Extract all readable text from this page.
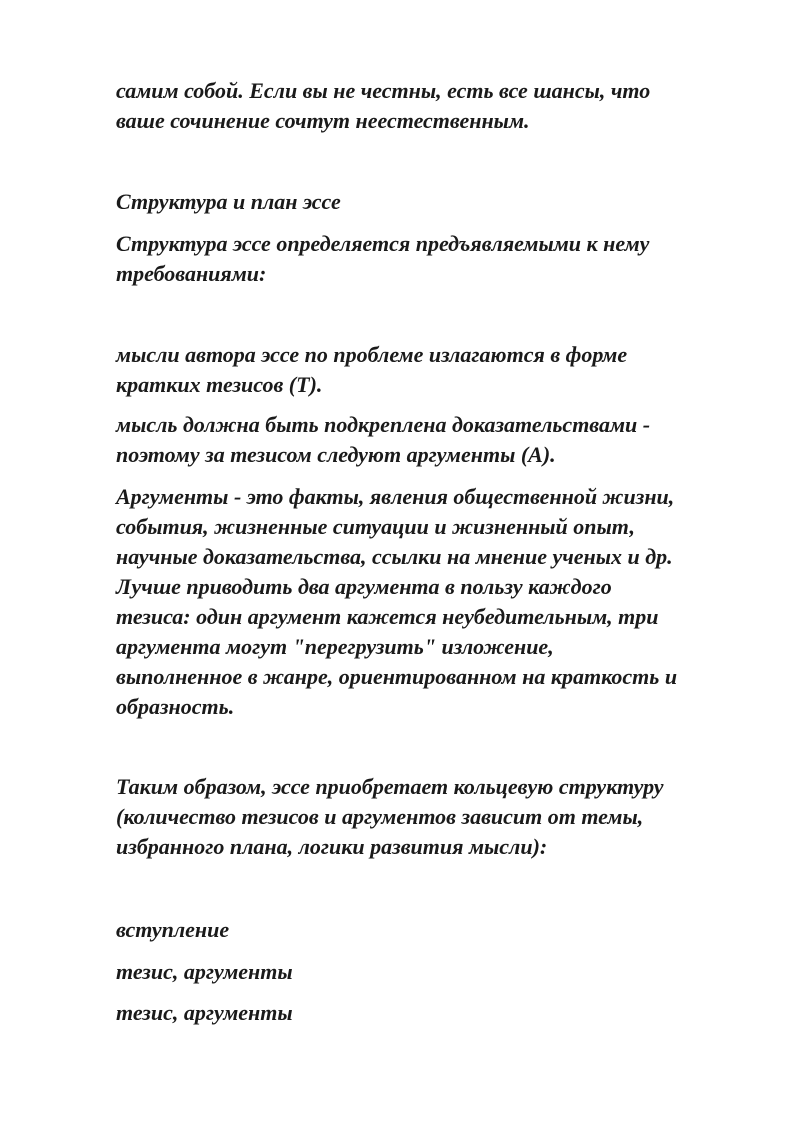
самим собой. Если вы не честны, есть все шансы, что
ваше сочинение сочтут неестественным.

Структура и план эссе

Структура эссе определяется предъявляемыми к нему
требованиями:

мысли автора эссе по проблеме излагаются в форме
кратких тезисов (Т).

мысль должна быть подкреплена доказательствами -
поэтому за тезисом следуют аргументы (А).

Аргументы - это факты, явления общественной жизни,
события, жизненные ситуации и жизненный опыт,
научные доказательства, ссылки на мнение ученых и др.
Лучше приводить два аргумента в пользу каждого
тезиса: один аргумент кажется неубедительным, три
аргумента могут "перегрузить" изложение,
выполненное в жанре, ориентированном на краткость и
образность.

Таким образом, эссе приобретает кольцевую структуру
(количество тезисов и аргументов зависит от темы,
избранного плана, логики развития мысли):

вступление

тезис, аргументы

тезис, аргументы
